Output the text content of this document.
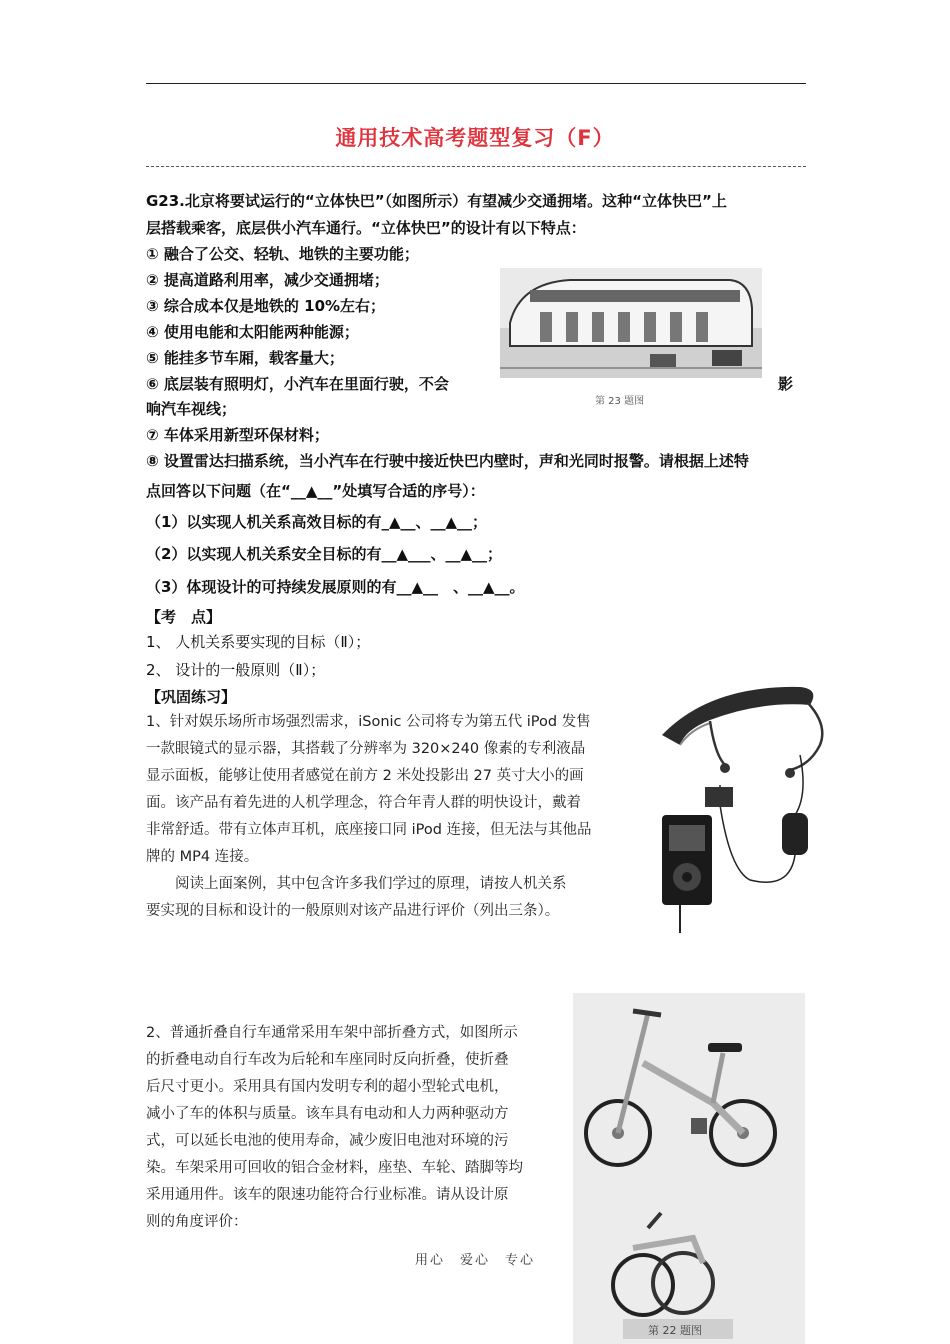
通用技术高考题型复习（F）
G23.北京将要试运行的“立体快巴”（如图所示）有望减少交通拥堵。这种“立体快巴”上
层搭载乘客，底层供小汽车通行。“立体快巴”的设计有以下特点：
① 融合了公交、轻轨、地铁的主要功能；
② 提高道路利用率，减少交通拥堵；
③ 综合成本仅是地铁的 10%左右；
④ 使用电能和太阳能两种能源；
⑤ 能挂多节车厢，载客量大；
⑥ 底层装有照明灯，小汽车在里面行驶，不会	影
响汽车视线；
⑦ 车体采用新型环保材料；
⑧ 设置雷达扫描系统，当小汽车在行驶中接近快巴内壁时，声和光同时报警。请根据上述特
点回答以下问题（在“__▲__”处填写合适的序号）：
（1）以实现人机关系高效目标的有_▲__、__▲__；
（2）以实现人机关系安全目标的有__▲___、__▲__；
（3）体现设计的可持续发展原则的有__▲__　、__▲__。
第 23 题图
【考　点】
1、 人机关系要实现的目标（Ⅱ）；
2、 设计的一般原则（Ⅱ）；
【巩固练习】
1、针对娱乐场所市场强烈需求，iSonic 公司将专为第五代 iPod 发售
一款眼镜式的显示器，其搭载了分辨率为 320×240 像素的专利液晶
显示面板，能够让使用者感觉在前方 2 米处投影出 27 英寸大小的画
面。该产品有着先进的人机学理念，符合年青人群的明快设计，戴着
非常舒适。带有立体声耳机，底座接口同 iPod 连接，但无法与其他品
牌的 MP4 连接。
　　阅读上面案例，其中包含许多我们学过的原理，请按人机关系
要实现的目标和设计的一般原则对该产品进行评价（列出三条）。
2、普通折叠自行车通常采用车架中部折叠方式，如图所示
的折叠电动自行车改为后轮和车座同时反向折叠，使折叠
后尺寸更小。采用具有国内发明专利的超小型轮式电机，
减小了车的体积与质量。该车具有电动和人力两种驱动方
式，可以延长电池的使用寿命，减少废旧电池对环境的污
染。车架采用可回收的铝合金材料，座垫、车轮、踏脚等均
采用通用件。该车的限速功能符合行业标准。请从设计原
则的角度评价：
第 22 题图
用心　爱心　专心
